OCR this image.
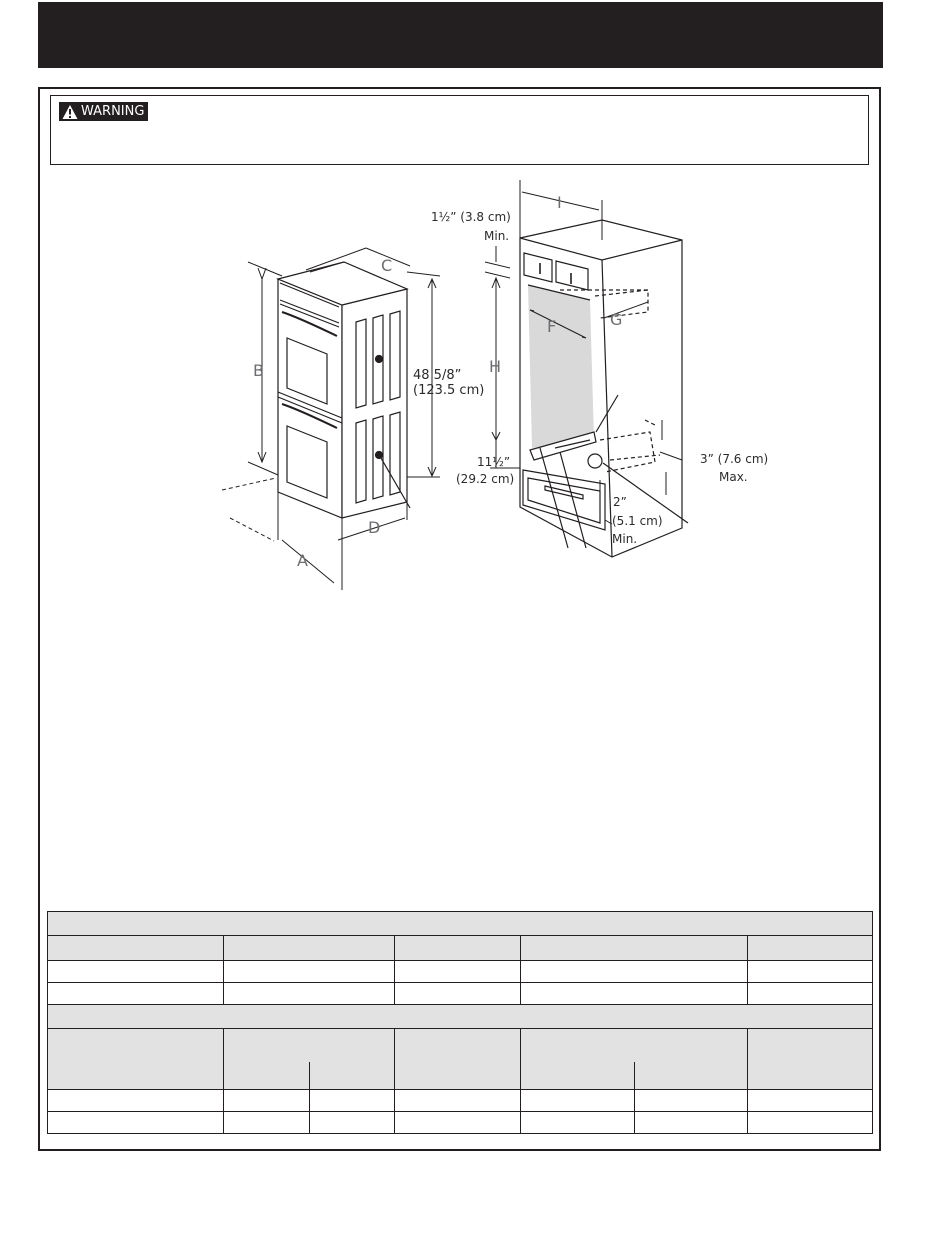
WARNING
A
B
C
D
F	G
H
I
48 5/8”
(123.5 cm)
1½” (3.8 cm)
Min.
11½”
(29.2 cm)
2”
(5.1 cm)
Min.
3” (7.6 cm)
Max.
